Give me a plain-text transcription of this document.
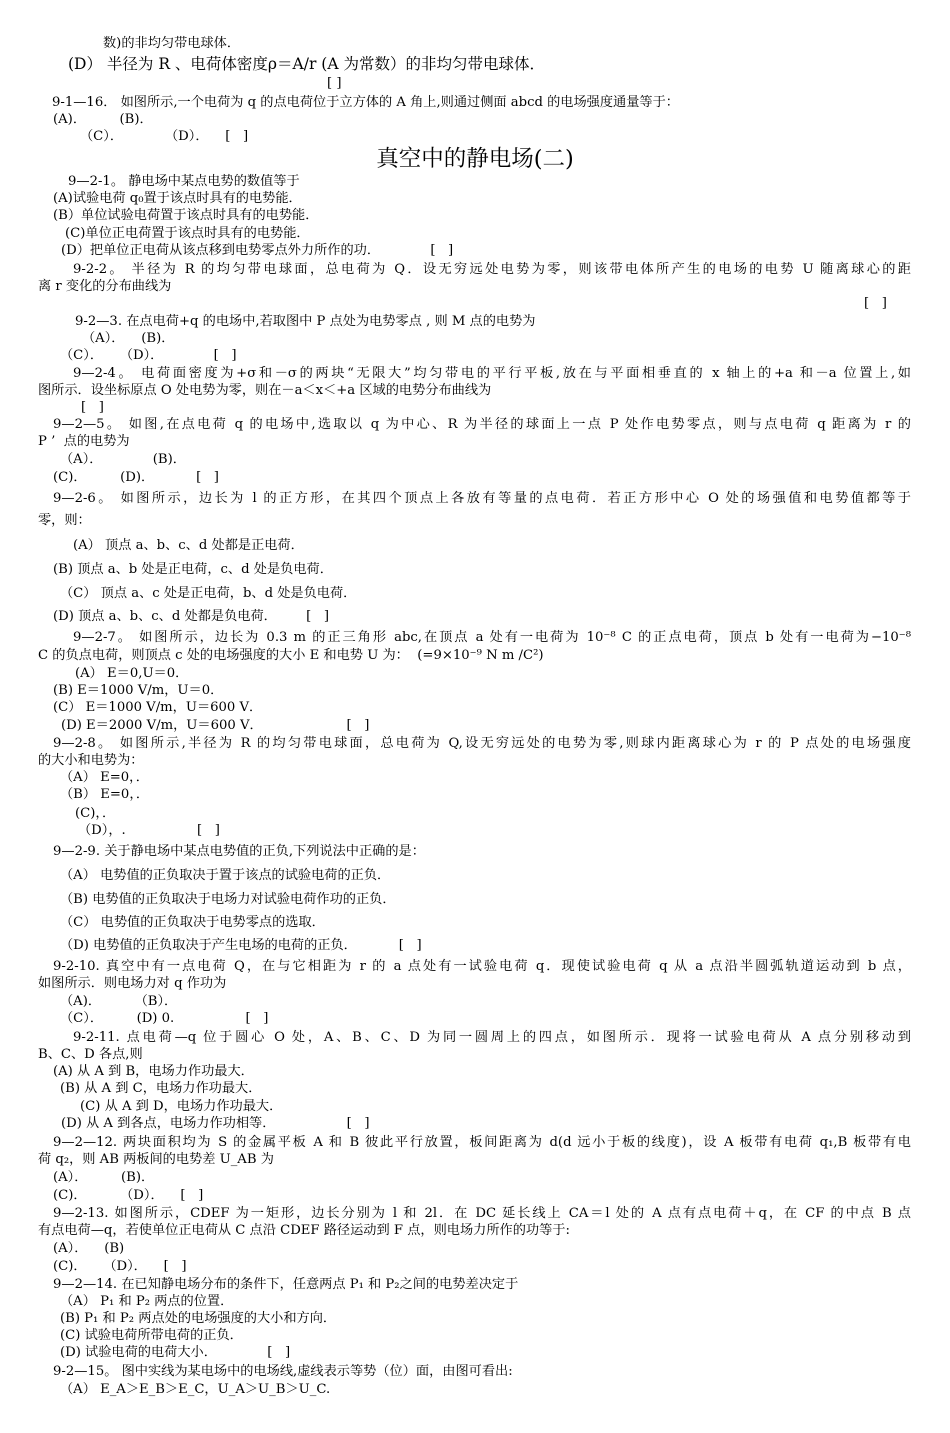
真空中的静电场(二)
数)的非均匀带电球体．
(D） 半径为 R 、电荷体密度ρ＝A/r (A 为常数）的非均匀带电球体．
[ ]
9-1—16． 如图所示,一个电荷为 q 的点电荷位于立方体的 A 角上,则通过侧面 abcd 的电场强度通量等于：
(A)．        (B)．
（C）．          （D）．    [   ]
9—2-1。 静电场中某点电势的数值等于
(A)试验电荷 q₀置于该点时具有的电势能．
(B）单位试验电荷置于该点时具有的电势能．
(C)单位正电荷置于该点时具有的电势能．
(D）把单位正电荷从该点移到电势零点外力所作的功．            [   ]
9-2-2。 半径为 R 的均匀带电球面，总电荷为 Q．设无穷远处电势为零，则该带电体所产生的电场的电势 U 随离球心的距
离 r 变化的分布曲线为
[   ]
9-2—3. 在点电荷+q 的电场中,若取图中 P 点处为电势零点 , 则 M 点的电势为
（A）．    (B)．
（C）．    （D）．            [   ]
9—2-4。 电荷面密度为+σ和－σ的两块“无限大”均匀带电的平行平板,放在与平面相垂直的 x 轴上的+a 和－a 位置上,如
图所示．设坐标原点 O 处电势为零，则在－a＜x＜+a 区域的电势分布曲线为
[   ]
9—2—5。 如图,在点电荷 q 的电场中,选取以 q 为中心、R 为半径的球面上一点 P 处作电势零点，则与点电荷 q 距离为 r 的
P ’  点的电势为
（A）．            (B)．
(C)．        (D)．          [   ]
9—2-6。 如图所示，边长为 l 的正方形，在其四个顶点上各放有等量的点电荷．若正方形中心 O 处的场强值和电势值都等于
零，则：
(A） 顶点 a、b、c、d 处都是正电荷．
(B) 顶点 a、b 处是正电荷，c、d 处是负电荷．
（C） 顶点 a、c 处是正电荷，b、d 处是负电荷．
(D) 顶点 a、b、c、d 处都是负电荷．       [   ]
9—2-7。 如图所示，边长为 0.3 m 的正三角形 abc,在顶点 a 处有一电荷为 10⁻⁸ C 的正点电荷，顶点 b 处有一电荷为−10⁻⁸
C 的负点电荷，则顶点 c 处的电场强度的大小 E 和电势 U 为：  (=9×10⁻⁹ N m /C²)
(A） E＝0,U＝0．
(B) E＝1000 V/m，U＝0．
(C） E＝1000 V/m，U＝600 V．
(D) E＝2000 V/m，U＝600 V．                    [   ]
9—2-8。 如图所示,半径为 R 的均匀带电球面，总电荷为 Q,设无穷远处的电势为零,则球内距离球心为 r 的 P 点处的电场强度
的大小和电势为：
（A） E=0，．
（B） E=0，．
(C)，．
（D），.                 [   ]
9—2-9. 关于静电场中某点电势值的正负,下列说法中正确的是：
（A） 电势值的正负取决于置于该点的试验电荷的正负．
（B) 电势值的正负取决于电场力对试验电荷作功的正负．
（C） 电势值的正负取决于电势零点的选取．
（D) 电势值的正负取决于产生电场的电荷的正负．          [   ]
9-2-10. 真空中有一点电荷 Q，在与它相距为 r 的 a 点处有一试验电荷 q．现使试验电荷 q 从 a 点沿半圆弧轨道运动到 b 点，
如图所示．则电场力对 q 作功为
（A)．        （B）．
（C）．        (D) 0.                 [   ]
9-2-11. 点电荷—q 位于圆心 O 处，A、B、C、D 为同一圆周上的四点，如图所示．现将一试验电荷从 A 点分别移动到
B、C、D 各点,则
(A) 从 A 到 B，电场力作功最大．
(B) 从 A 到 C，电场力作功最大．
(C) 从 A 到 D，电场力作功最大．
(D) 从 A 到各点，电场力作功相等．                 [   ]
9—2—12. 两块面积均为 S 的金属平板 A 和 B 彼此平行放置，板间距离为 d(d 远小于板的线度)，设 A 板带有电荷 q₁,B 板带有电
荷 q₂，则 AB 两板间的电势差 U_AB 为
(A）．        (B)．
(C)．        （D）．    [   ]
9—2-13. 如图所示，CDEF 为一矩形，边长分别为 l 和 2l．在 DC 延长线上 CA＝l 处的 A 点有点电荷＋q，在 CF 的中点 B 点
有点电荷—q，若使单位正电荷从 C 点沿 CDEF 路径运动到 F 点，则电场力所作的功等于:
(A）．    (B)
(C)．    （D）．    [   ]
9—2—14. 在已知静电场分布的条件下，任意两点 P₁ 和 P₂之间的电势差决定于
（A） P₁ 和 P₂ 两点的位置．
(B) P₁ 和 P₂ 两点处的电场强度的大小和方向．
(C) 试验电荷所带电荷的正负．
(D) 试验电荷的电荷大小．            [   ]
9-2—15。 图中实线为某电场中的电场线,虚线表示等势（位）面，由图可看出:
（A） E_A＞E_B＞E_C，U_A＞U_B＞U_C.
